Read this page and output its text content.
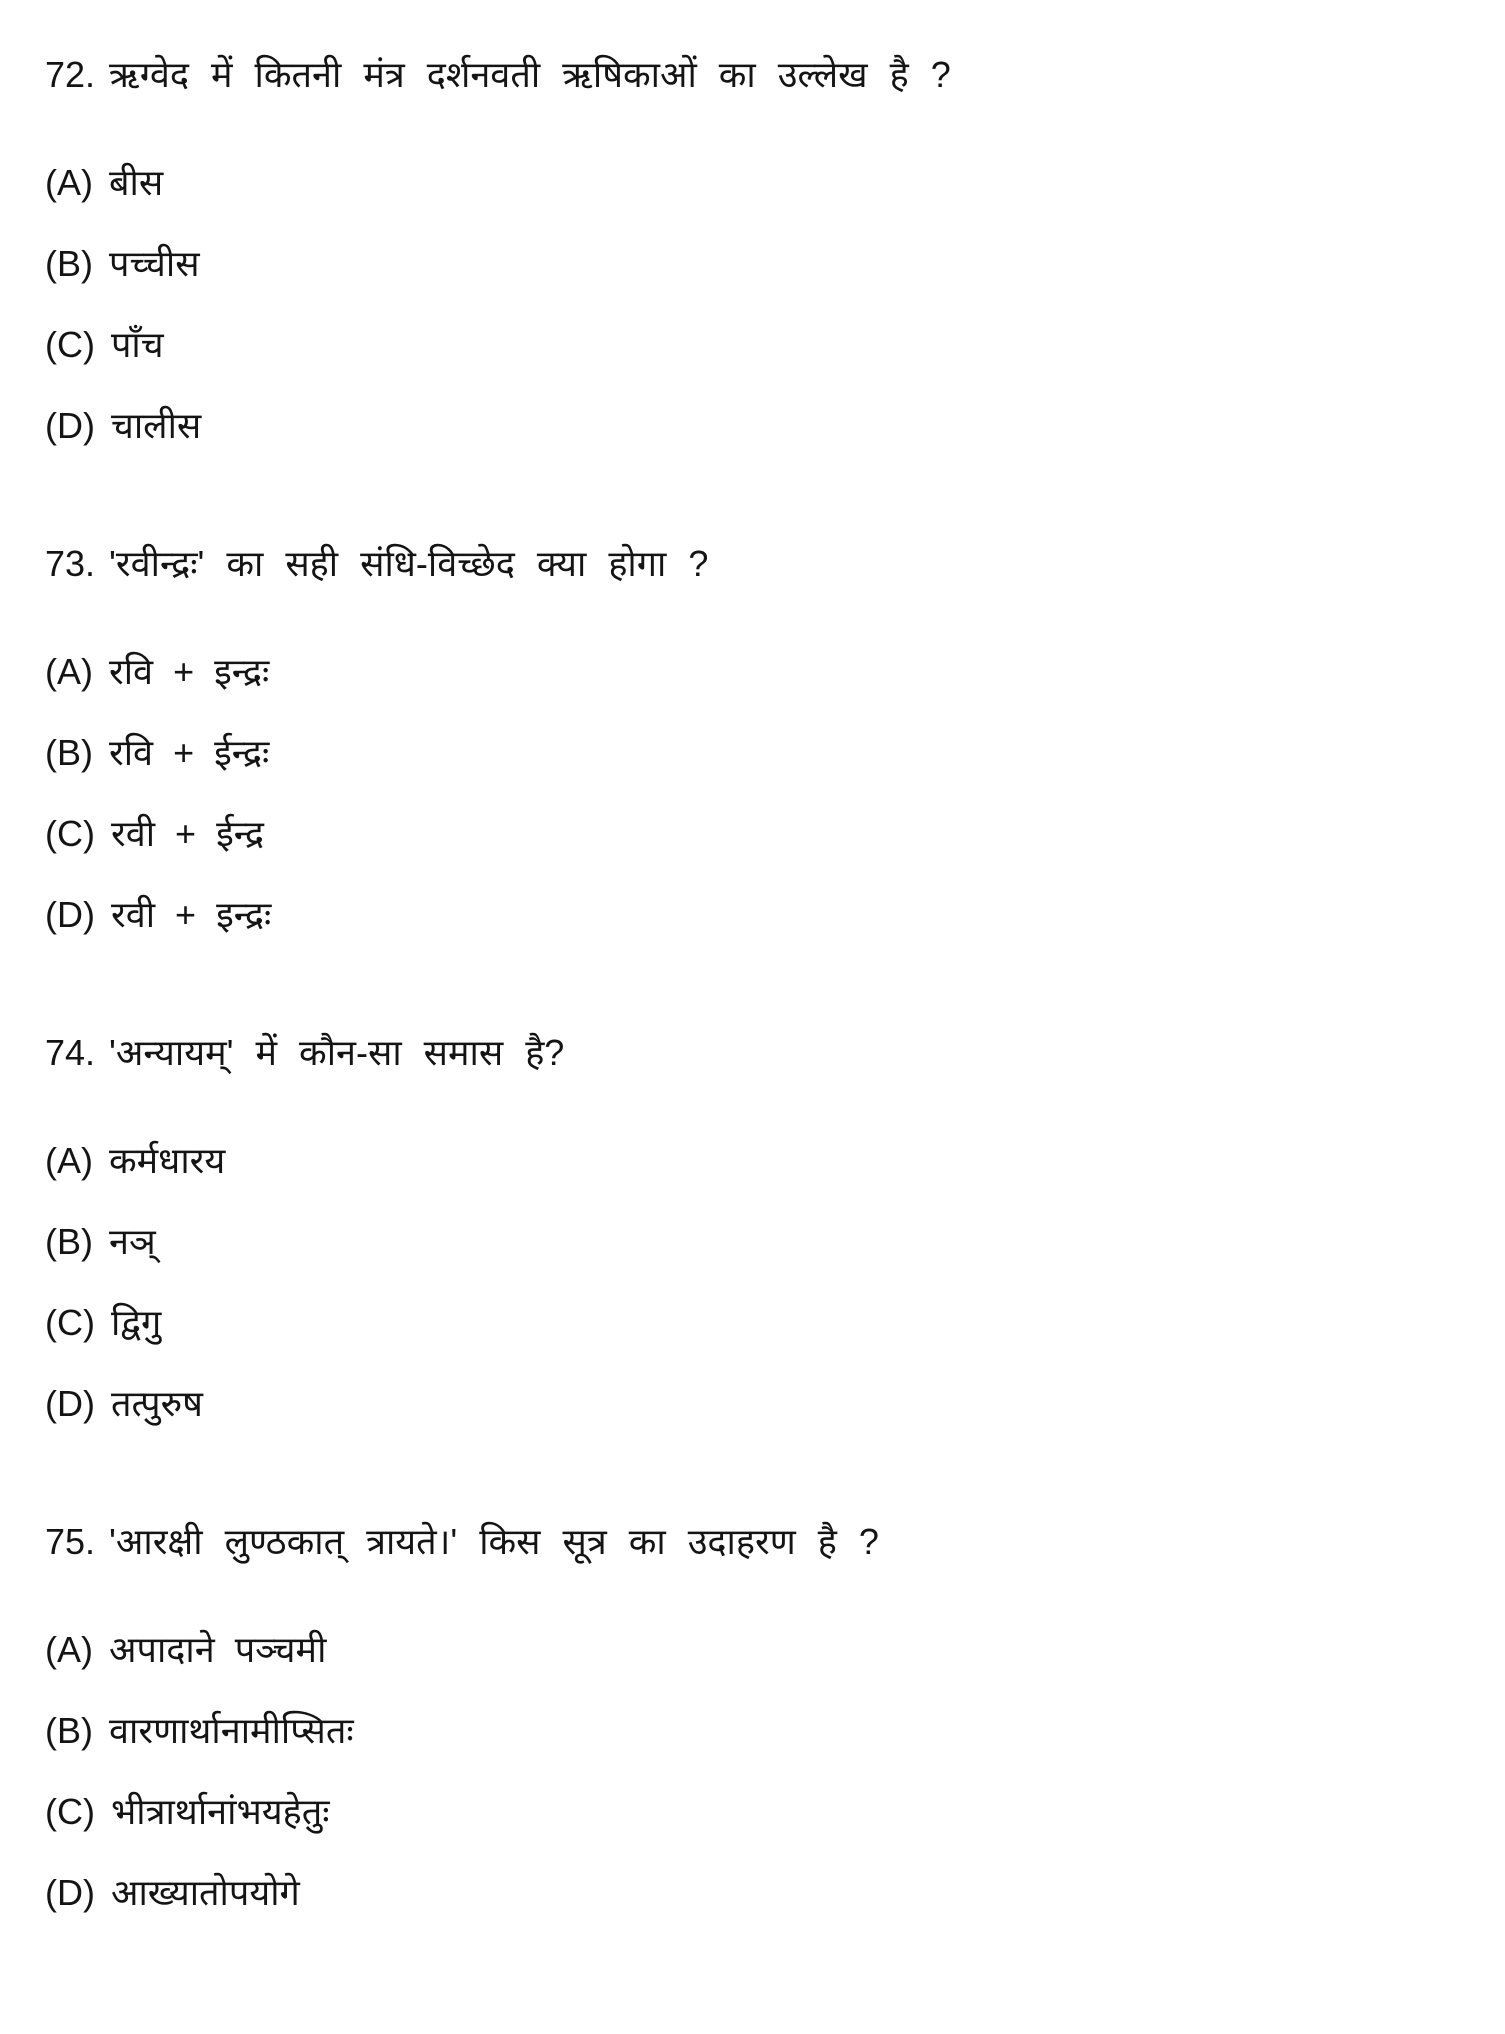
72. ऋग्वेद में कितनी मंत्र दर्शनवती ऋषिकाओं का उल्लेख है ?

(A) बीस
(B) पच्चीस
(C) पाँच
(D) चालीस

73. 'रवीन्द्रः' का सही संधि-विच्छेद क्या होगा ?

(A) रवि + इन्द्रः
(B) रवि + ईन्द्रः
(C) रवी + ईन्द्र
(D) रवी + इन्द्रः

74. 'अन्यायम्' में कौन-सा समास है?

(A) कर्मधारय
(B) नञ्
(C) द्विगु
(D) तत्पुरुष

75. 'आरक्षी लुण्ठकात् त्रायते।' किस सूत्र का उदाहरण है ?

(A) अपादाने पञ्चमी
(B) वारणार्थानामीप्सितः
(C) भीत्रार्थानांभयहेतुः
(D) आख्यातोपयोगे
